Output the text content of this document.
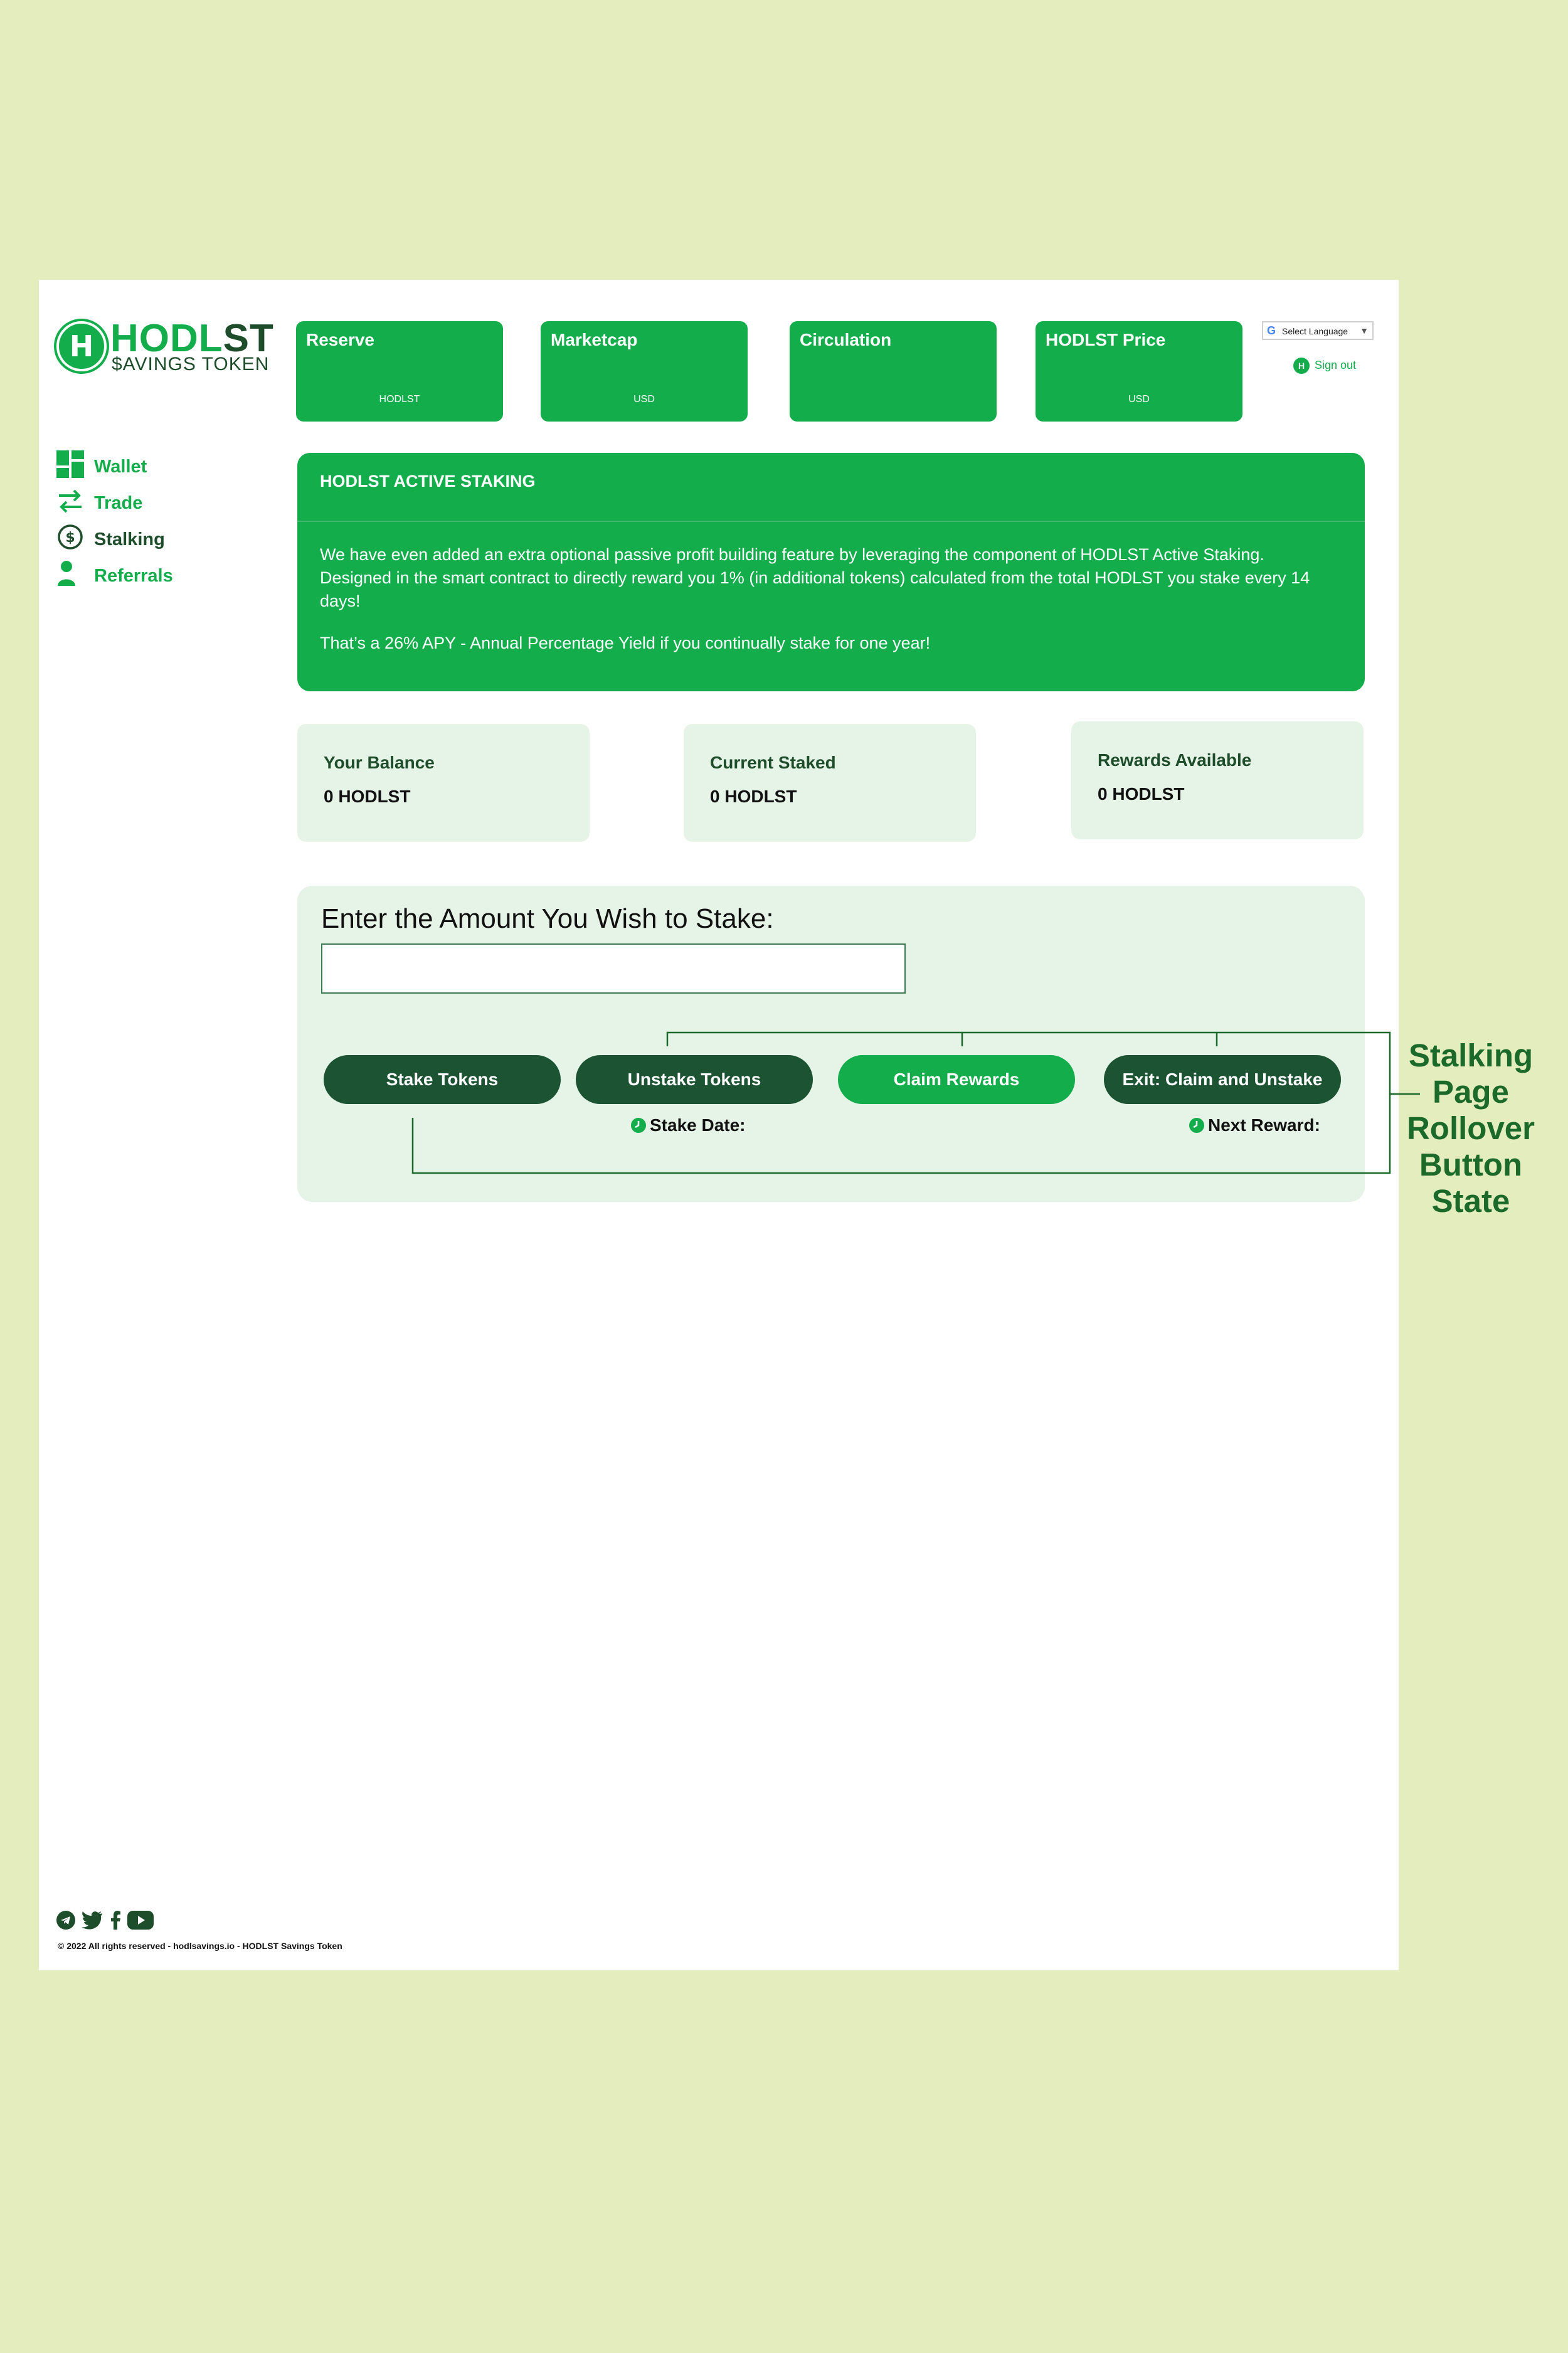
H HODLST
$AVINGS TOKEN
Reserve
HODLST
Marketcap
USD
Circulation	HODLST Price
USD
G Select Language ▼
H Sign out
Wallet
Trade
$ Stalking
Referrals
HODLST ACTIVE STAKING
We have even added an extra optional passive profit building feature by leveraging the component of HODLST Active Staking. Designed in the smart contract to directly reward you 1% (in additional tokens) calculated from the total HODLST you stake every 14 days!
That’s a 26% APY - Annual Percentage Yield if you continually stake for one year!
Your Balance
0 HODLST
Current Staked
0 HODLST
Rewards Available
0 HODLST
Enter the Amount You Wish to Stake:
Stake Tokens	Unstake Tokens	Claim Rewards	Exit: Claim and Unstake
Stake Date:	Next Reward:

© 2022 All rights reserved - hodlsavings.io - HODLST Savings Token
Stalking
Page
Rollover
Button
State
